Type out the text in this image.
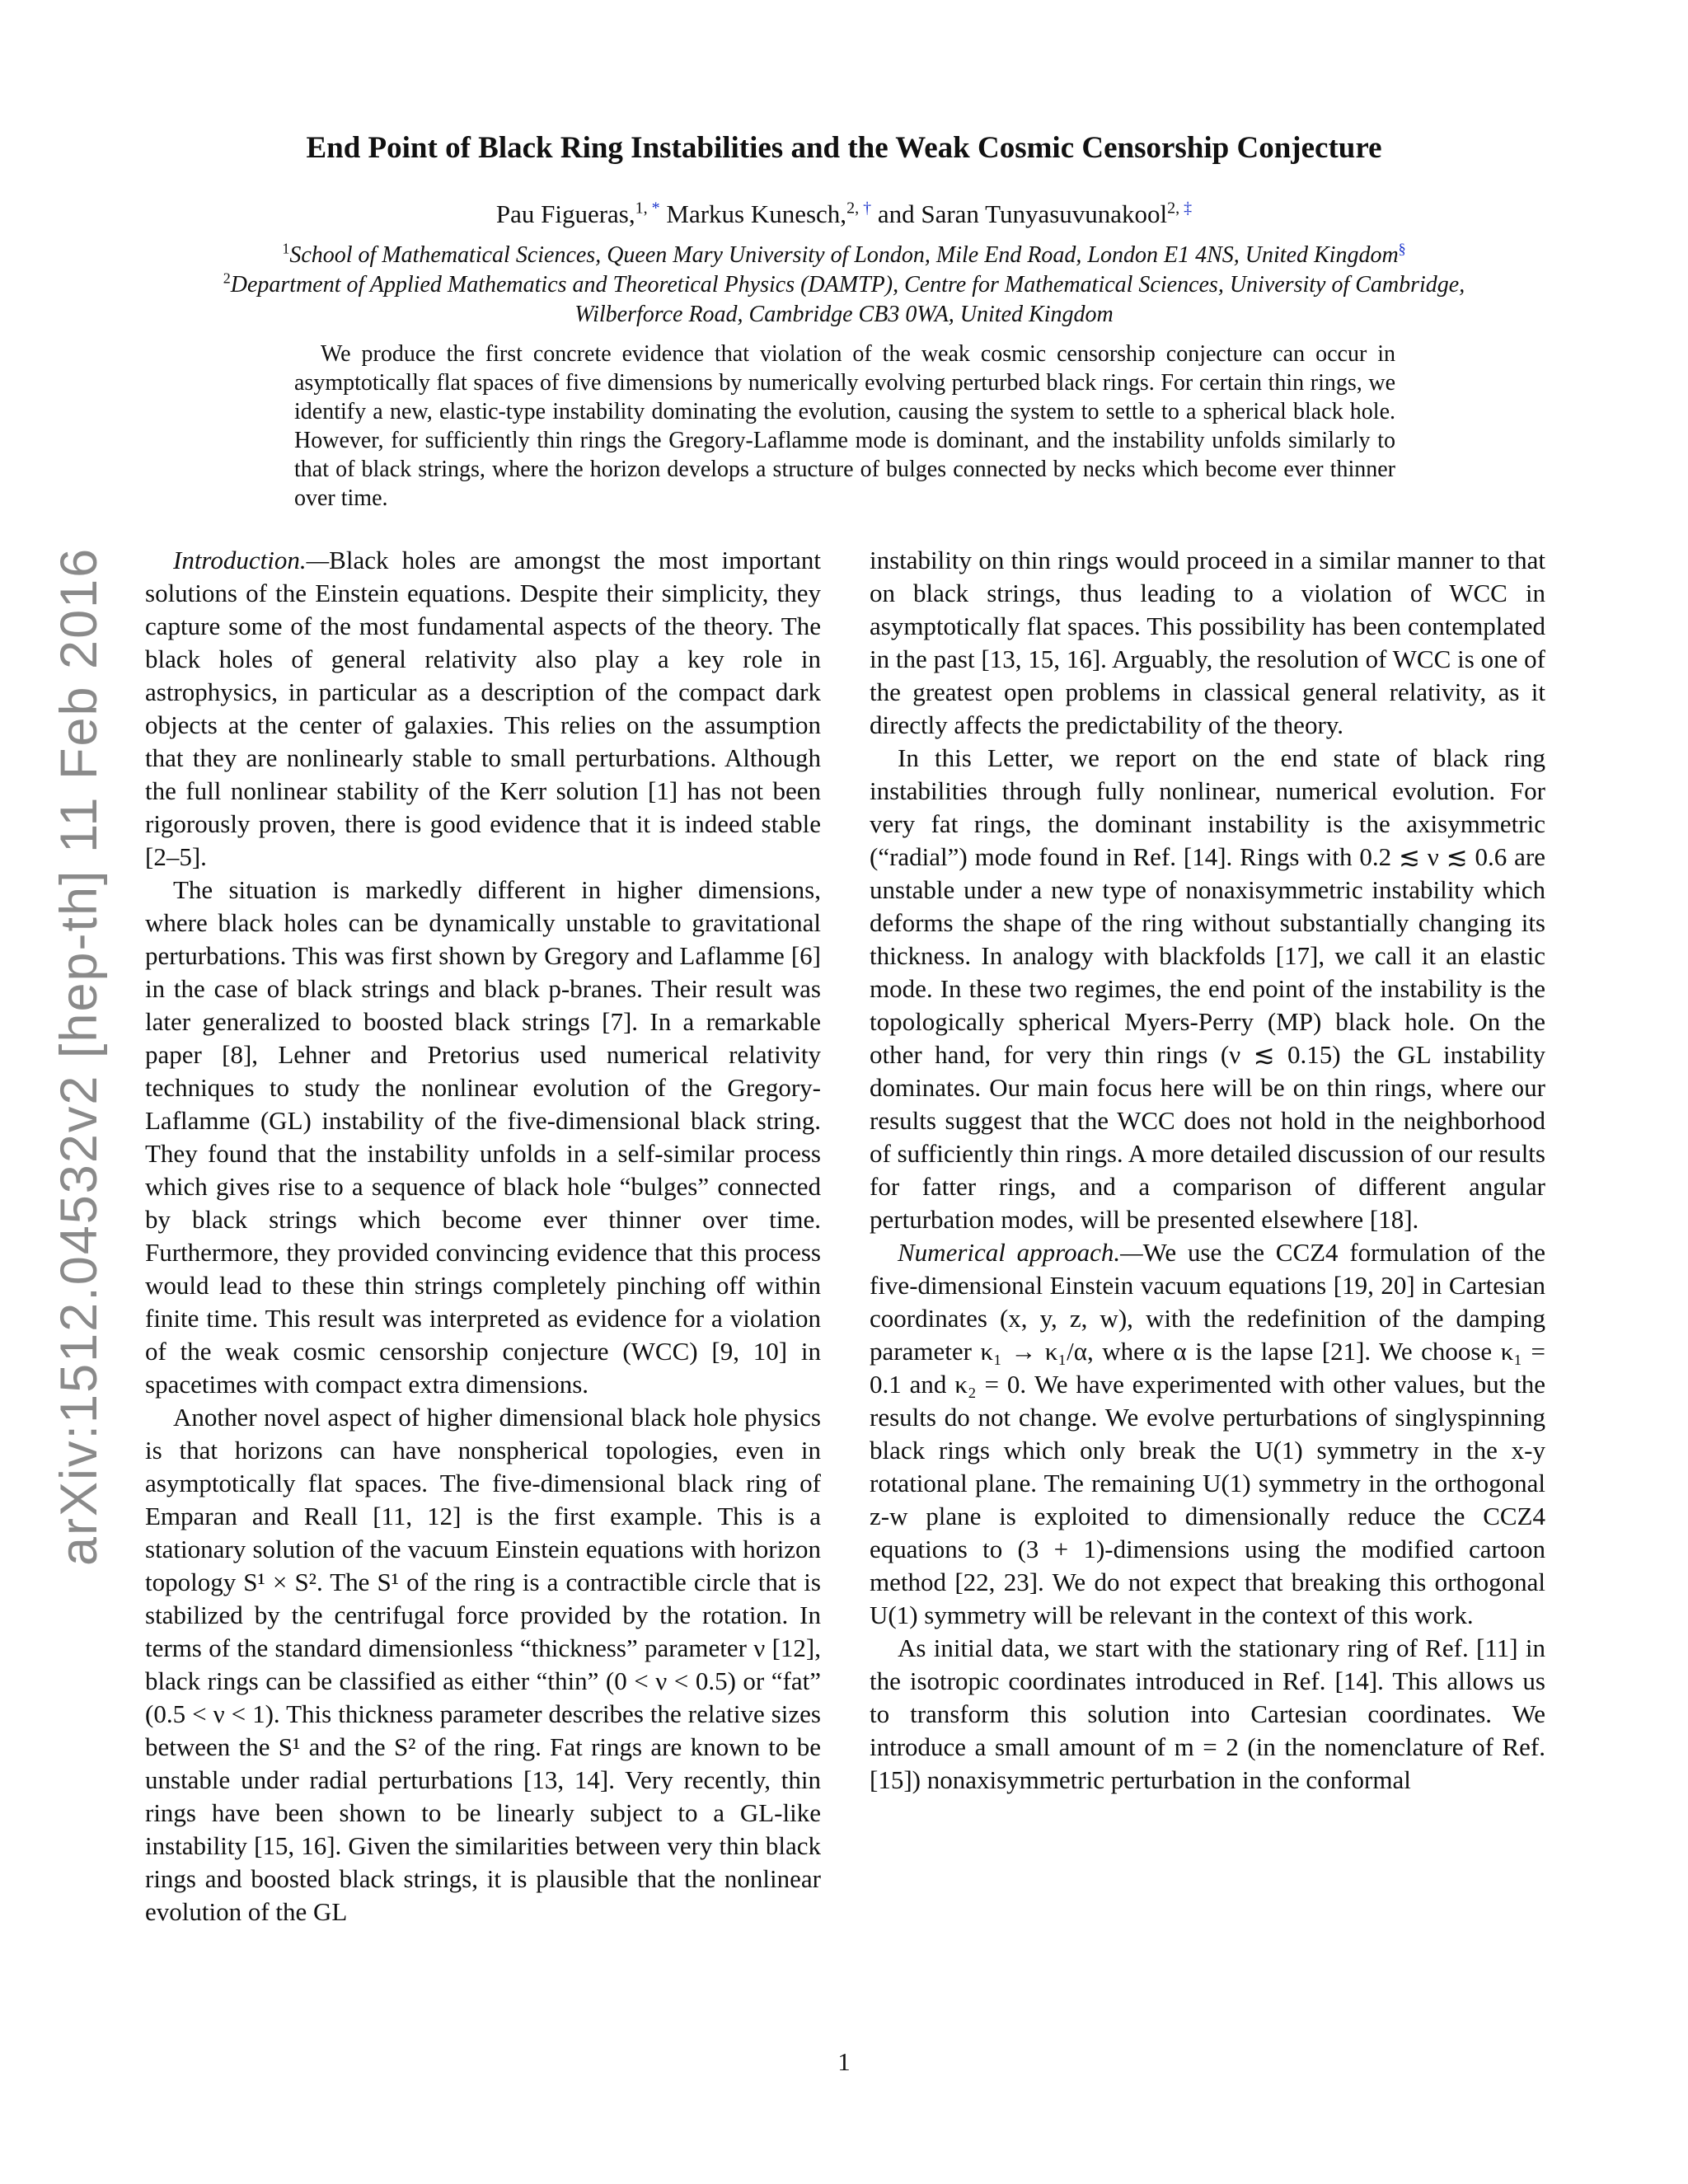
arXiv:1512.04532v2 [hep-th] 11 Feb 2016
End Point of Black Ring Instabilities and the Weak Cosmic Censorship Conjecture
Pau Figueras,$^{1, *}$ Markus Kunesch,$^{2, \dagger}$ and Saran Tunyasuvunakool$^{2, \ddagger}$
$^1$School of Mathematical Sciences, Queen Mary University of London, Mile End Road, London E1 4NS, United Kingdom§
$^2$Department of Applied Mathematics and Theoretical Physics (DAMTP), Centre for Mathematical Sciences, University of Cambridge,
Wilberforce Road, Cambridge CB3 0WA, United Kingdom
We produce the first concrete evidence that violation of the weak cosmic censorship conjecture can occur in asymptotically flat spaces of five dimensions by numerically evolving perturbed black rings. For certain thin rings, we identify a new, elastic-type instability dominating the evolution, causing the system to settle to a spherical black hole. However, for sufficiently thin rings the Gregory-Laflamme mode is dominant, and the instability unfolds similarly to that of black strings, where the horizon develops a structure of bulges connected by necks which become ever thinner over time.

Introduction.—Black holes are amongst the most important solutions of the Einstein equations. Despite their simplicity, they capture some of the most fundamental aspects of the theory. The black holes of general relativity also play a key role in astrophysics, in particular as a description of the compact dark objects at the center of galaxies. This relies on the assumption that they are nonlinearly stable to small perturbations. Although the full nonlinear stability of the Kerr solution [1] has not been rigorously proven, there is good evidence that it is indeed stable [2–5].

The situation is markedly different in higher dimensions, where black holes can be dynamically unstable to gravitational perturbations. This was first shown by Gregory and Laflamme [6] in the case of black strings and black p-branes. Their result was later generalized to boosted black strings [7]. In a remarkable paper [8], Lehner and Pretorius used numerical relativity techniques to study the nonlinear evolution of the Gregory-Laflamme (GL) instability of the five-dimensional black string. They found that the instability unfolds in a self-similar process which gives rise to a sequence of black hole “bulges” connected by black strings which become ever thinner over time. Furthermore, they provided convincing evidence that this process would lead to these thin strings completely pinching off within finite time. This result was interpreted as evidence for a violation of the weak cosmic censorship conjecture (WCC) [9, 10] in spacetimes with compact extra dimensions.

Another novel aspect of higher dimensional black hole physics is that horizons can have nonspherical topologies, even in asymptotically flat spaces. The five-dimensional black ring of Emparan and Reall [11, 12] is the first example. This is a stationary solution of the vacuum Einstein equations with horizon topology S¹ × S². The S¹ of the ring is a contractible circle that is stabilized by the centrifugal force provided by the rotation. In terms of the standard dimensionless “thickness” parameter ν [12], black rings can be classified as either “thin” (0 < ν < 0.5) or “fat” (0.5 < ν < 1). This thickness parameter describes the relative sizes between the S¹ and the S² of the ring. Fat rings are known to be unstable under radial perturbations [13, 14]. Very recently, thin rings have been shown to be linearly subject to a GL-like instability [15, 16]. Given the similarities between very thin black rings and boosted black strings, it is plausible that the nonlinear evolution of the GL

instability on thin rings would proceed in a similar manner to that on black strings, thus leading to a violation of WCC in asymptotically flat spaces. This possibility has been contemplated in the past [13, 15, 16]. Arguably, the resolution of WCC is one of the greatest open problems in classical general relativity, as it directly affects the predictability of the theory.

In this Letter, we report on the end state of black ring instabilities through fully nonlinear, numerical evolution. For very fat rings, the dominant instability is the axisymmetric (“radial”) mode found in Ref. [14]. Rings with 0.2 ≲ ν ≲ 0.6 are unstable under a new type of nonaxisymmetric instability which deforms the shape of the ring without substantially changing its thickness. In analogy with blackfolds [17], we call it an elastic mode. In these two regimes, the end point of the instability is the topologically spherical Myers-Perry (MP) black hole. On the other hand, for very thin rings (ν ≲ 0.15) the GL instability dominates. Our main focus here will be on thin rings, where our results suggest that the WCC does not hold in the neighborhood of sufficiently thin rings. A more detailed discussion of our results for fatter rings, and a comparison of different angular perturbation modes, will be presented elsewhere [18].

Numerical approach.—We use the CCZ4 formulation of the five-dimensional Einstein vacuum equations [19, 20] in Cartesian coordinates (x, y, z, w), with the redefinition of the damping parameter κ₁ → κ₁/α, where α is the lapse [21]. We choose κ₁ = 0.1 and κ₂ = 0. We have experimented with other values, but the results do not change. We evolve perturbations of singlyspinning black rings which only break the U(1) symmetry in the x-y rotational plane. The remaining U(1) symmetry in the orthogonal z-w plane is exploited to dimensionally reduce the CCZ4 equations to (3 + 1)-dimensions using the modified cartoon method [22, 23]. We do not expect that breaking this orthogonal U(1) symmetry will be relevant in the context of this work.

As initial data, we start with the stationary ring of Ref. [11] in the isotropic coordinates introduced in Ref. [14]. This allows us to transform this solution into Cartesian coordinates. We introduce a small amount of m = 2 (in the nomenclature of Ref. [15]) nonaxisymmetric perturbation in the conformal

1
